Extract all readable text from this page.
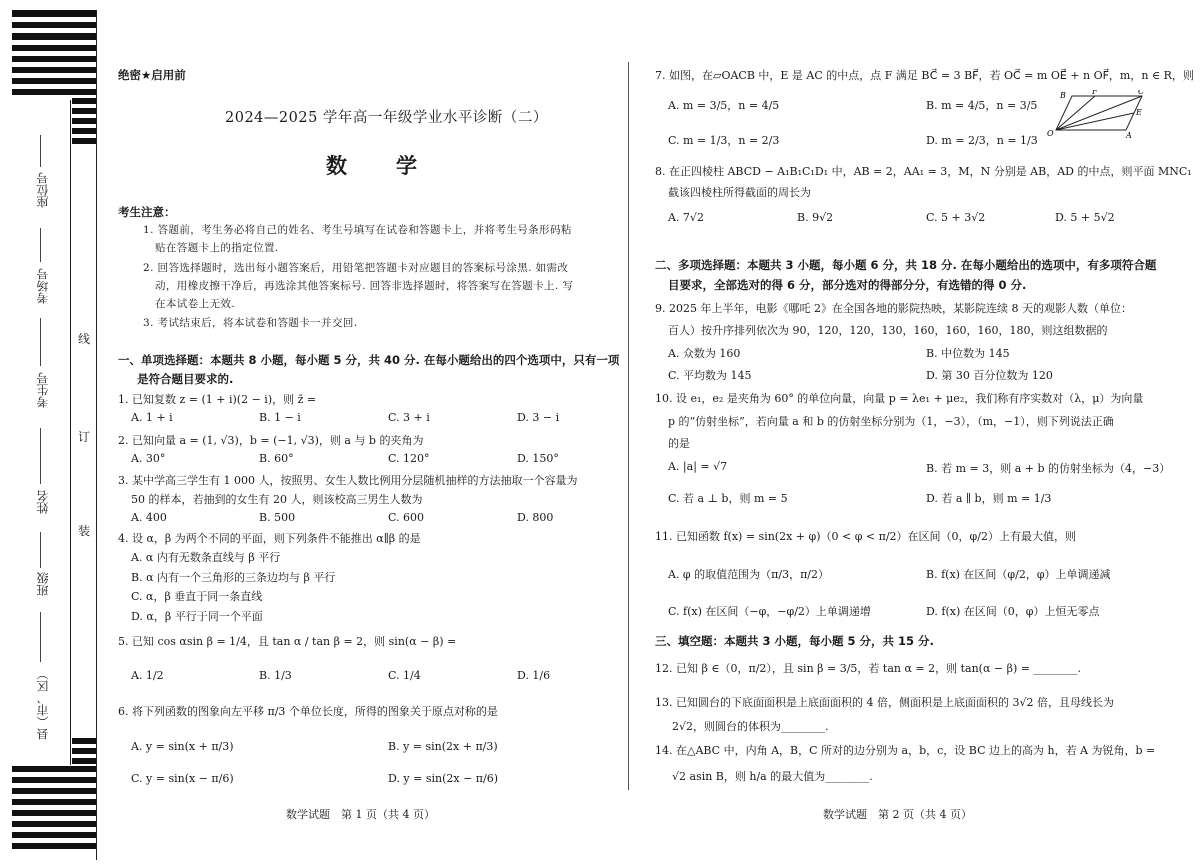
座位号
考场号
考生号
姓名
班级
县（市、区）
线
订
装
绝密★启用前
2024—2025 学年高一年级学业水平诊断（二）
数　学
考生注意：
1. 答题前，考生务必将自己的姓名、考生号填写在试卷和答题卡上，并将考生号条形码粘
贴在答题卡上的指定位置.
2. 回答选择题时，选出每小题答案后，用铅笔把答题卡对应题目的答案标号涂黑. 如需改
动，用橡皮擦干净后，再选涂其他答案标号. 回答非选择题时，将答案写在答题卡上. 写
在本试卷上无效.
3. 考试结束后，将本试卷和答题卡一并交回.
一、单项选择题：本题共 8 小题，每小题 5 分，共 40 分. 在每小题给出的四个选项中，只有一项
是符合题目要求的.
1. 已知复数 z = (1 + i)(2 − i)，则 z̄ =
A. 1 + i	B. 1 − i	C. 3 + i	D. 3 − i
2. 已知向量 a = (1, √3)，b = (−1, √3)，则 a 与 b 的夹角为
A. 30°	B. 60°	C. 120°	D. 150°
3. 某中学高三学生有 1 000 人，按照男、女生人数比例用分层随机抽样的方法抽取一个容量为
50 的样本，若抽到的女生有 20 人，则该校高三男生人数为
A. 400	B. 500	C. 600	D. 800
4. 设 α，β 为两个不同的平面，则下列条件不能推出 α∥β 的是
A. α 内有无数条直线与 β 平行
B. α 内有一个三角形的三条边均与 β 平行
C. α，β 垂直于同一条直线
D. α，β 平行于同一个平面
5. 已知 cos αsin β = 1/4，且 tan α / tan β = 2，则 sin(α − β) =
A. 1/2	B. 1/3	C. 1/4	D. 1/6
6. 将下列函数的图象向左平移 π/3 个单位长度，所得的图象关于原点对称的是
A. y = sin(x + π/3)	B. y = sin(2x + π/3)
C. y = sin(x − π/6)	D. y = sin(2x − π/6)
数学试题　第 1 页（共 4 页）
7. 如图，在▱OACB 中，E 是 AC 的中点，点 F 满足 BC⃗ = 3 BF⃗，若 OC⃗ = m OE⃗ + n OF⃗，m，n ∈ R，则
A. m = 3/5，n = 4/5	B. m = 4/5，n = 3/5
C. m = 1/3，n = 2/3	D. m = 2/3，n = 1/3
B	F	C
E
O	A
8. 在正四棱柱 ABCD − A₁B₁C₁D₁ 中，AB = 2，AA₁ = 3，M，N 分别是 AB，AD 的中点，则平面 MNC₁
截该四棱柱所得截面的周长为
A. 7√2	B. 9√2	C. 5 + 3√2	D. 5 + 5√2
二、多项选择题：本题共 3 小题，每小题 6 分，共 18 分. 在每小题给出的选项中，有多项符合题
目要求，全部选对的得 6 分，部分选对的得部分分，有选错的得 0 分.
9. 2025 年上半年，电影《哪吒 2》在全国各地的影院热映，某影院连续 8 天的观影人数（单位：
百人）按升序排列依次为 90，120，120，130，160，160，160，180，则这组数据的
A. 众数为 160	B. 中位数为 145
C. 平均数为 145	D. 第 30 百分位数为 120
10. 设 e₁，e₂ 是夹角为 60° 的单位向量，向量 p = λe₁ + μe₂，我们称有序实数对（λ，μ）为向量
p 的“仿射坐标”，若向量 a 和 b 的仿射坐标分别为（1，−3），（m，−1），则下列说法正确
的是
A. |a| = √7	B. 若 m = 3，则 a + b 的仿射坐标为（4，−3）
C. 若 a ⊥ b，则 m = 5	D. 若 a ∥ b，则 m = 1/3
11. 已知函数 f(x) = sin(2x + φ)（0 < φ < π/2）在区间（0，φ/2）上有最大值，则
A. φ 的取值范围为（π/3，π/2）	B. f(x) 在区间（φ/2，φ）上单调递减
C. f(x) 在区间（−φ，−φ/2）上单调递增	D. f(x) 在区间（0，φ）上恒无零点
三、填空题：本题共 3 小题，每小题 5 分，共 15 分.
12. 已知 β ∈（0，π/2），且 sin β = 3/5，若 tan α = 2，则 tan(α − β) = ________.
13. 已知圆台的下底面面积是上底面面积的 4 倍，侧面积是上底面面积的 3√2 倍，且母线长为
2√2，则圆台的体积为________.
14. 在△ABC 中，内角 A，B，C 所对的边分别为 a，b，c，设 BC 边上的高为 h，若 A 为锐角，b =
√2 asin B，则 h/a 的最大值为________.
数学试题　第 2 页（共 4 页）
